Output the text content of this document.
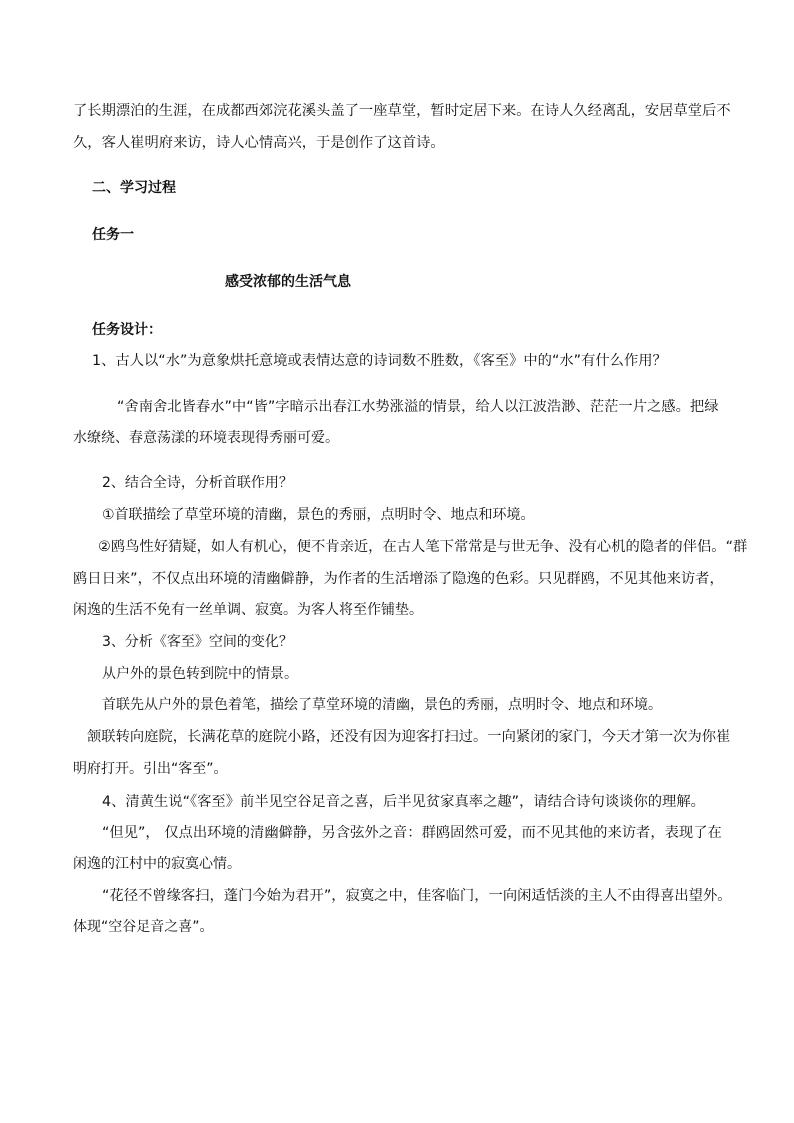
了长期漂泊的生涯，在成都西郊浣花溪头盖了一座草堂，暂时定居下来。在诗人久经离乱，安居草堂后不

久，客人崔明府来访，诗人心情高兴，于是创作了这首诗。

二、学习过程

任务一

感受浓郁的生活气息

任务设计：

1、古人以“水”为意象烘托意境或表情达意的诗词数不胜数，《客至》中的“水”有什么作用？

“舍南舍北皆春水”中“皆”字暗示出春江水势涨溢的情景，给人以江波浩渺、茫茫一片之感。把绿

水缭绕、春意荡漾的环境表现得秀丽可爱。

2、结合全诗，分析首联作用？

①首联描绘了草堂环境的清幽，景色的秀丽，点明时令、地点和环境。

②鸥鸟性好猜疑，如人有机心，便不肯亲近，在古人笔下常常是与世无争、没有心机的隐者的伴侣。“群

鸥日日来”，不仅点出环境的清幽僻静，为作者的生活增添了隐逸的色彩。只见群鸥，不见其他来访者，

闲逸的生活不免有一丝单调、寂寞。为客人将至作铺垫。

3、分析《客至》空间的变化？

从户外的景色转到院中的情景。

首联先从户外的景色着笔，描绘了草堂环境的清幽，景色的秀丽，点明时令、地点和环境。

颔联转向庭院，长满花草的庭院小路，还没有因为迎客打扫过。一向紧闭的家门，今天才第一次为你崔

明府打开。引出“客至”。

4、清黄生说“《客至》前半见空谷足音之喜，后半见贫家真率之趣”，请结合诗句谈谈你的理解。

“但见”， 仅点出环境的清幽僻静，另含弦外之音：群鸥固然可爱，而不见其他的来访者，表现了在

闲逸的江村中的寂寞心情。

“花径不曾缘客扫，蓬门今始为君开”，寂寞之中，佳客临门，一向闲适恬淡的主人不由得喜出望外。

体现“空谷足音之喜”。
